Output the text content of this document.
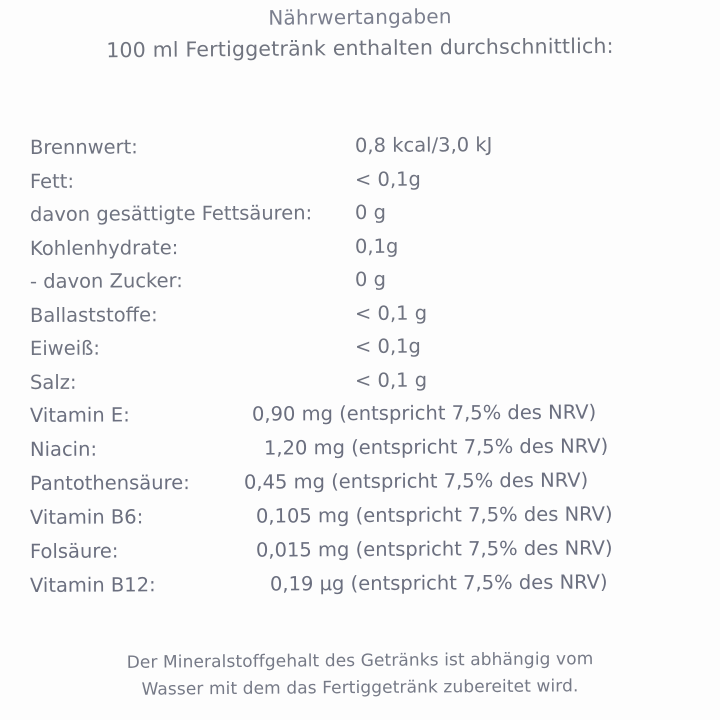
Nährwertangaben
100 ml Fertiggetränk enthalten durchschnittlich:
Brennwert:	0,8 kcal/3,0 kJ
Fett:	< 0,1g
davon gesättigte Fettsäuren:	0 g
Kohlenhydrate:	0,1g
- davon Zucker:	0 g
Ballaststoffe:	< 0,1 g
Eiweiß:	< 0,1g
Salz:	< 0,1 g
Vitamin E:	0,90 mg (entspricht 7,5% des NRV)
Niacin:	1,20 mg (entspricht 7,5% des NRV)
Pantothensäure:	0,45 mg (entspricht 7,5% des NRV)
Vitamin B6:	0,105 mg (entspricht 7,5% des NRV)
Folsäure:	0,015 mg (entspricht 7,5% des NRV)
Vitamin B12:	0,19 µg (entspricht 7,5% des NRV)
Der Mineralstoffgehalt des Getränks ist abhängig vom
Wasser mit dem das Fertiggetränk zubereitet wird.
